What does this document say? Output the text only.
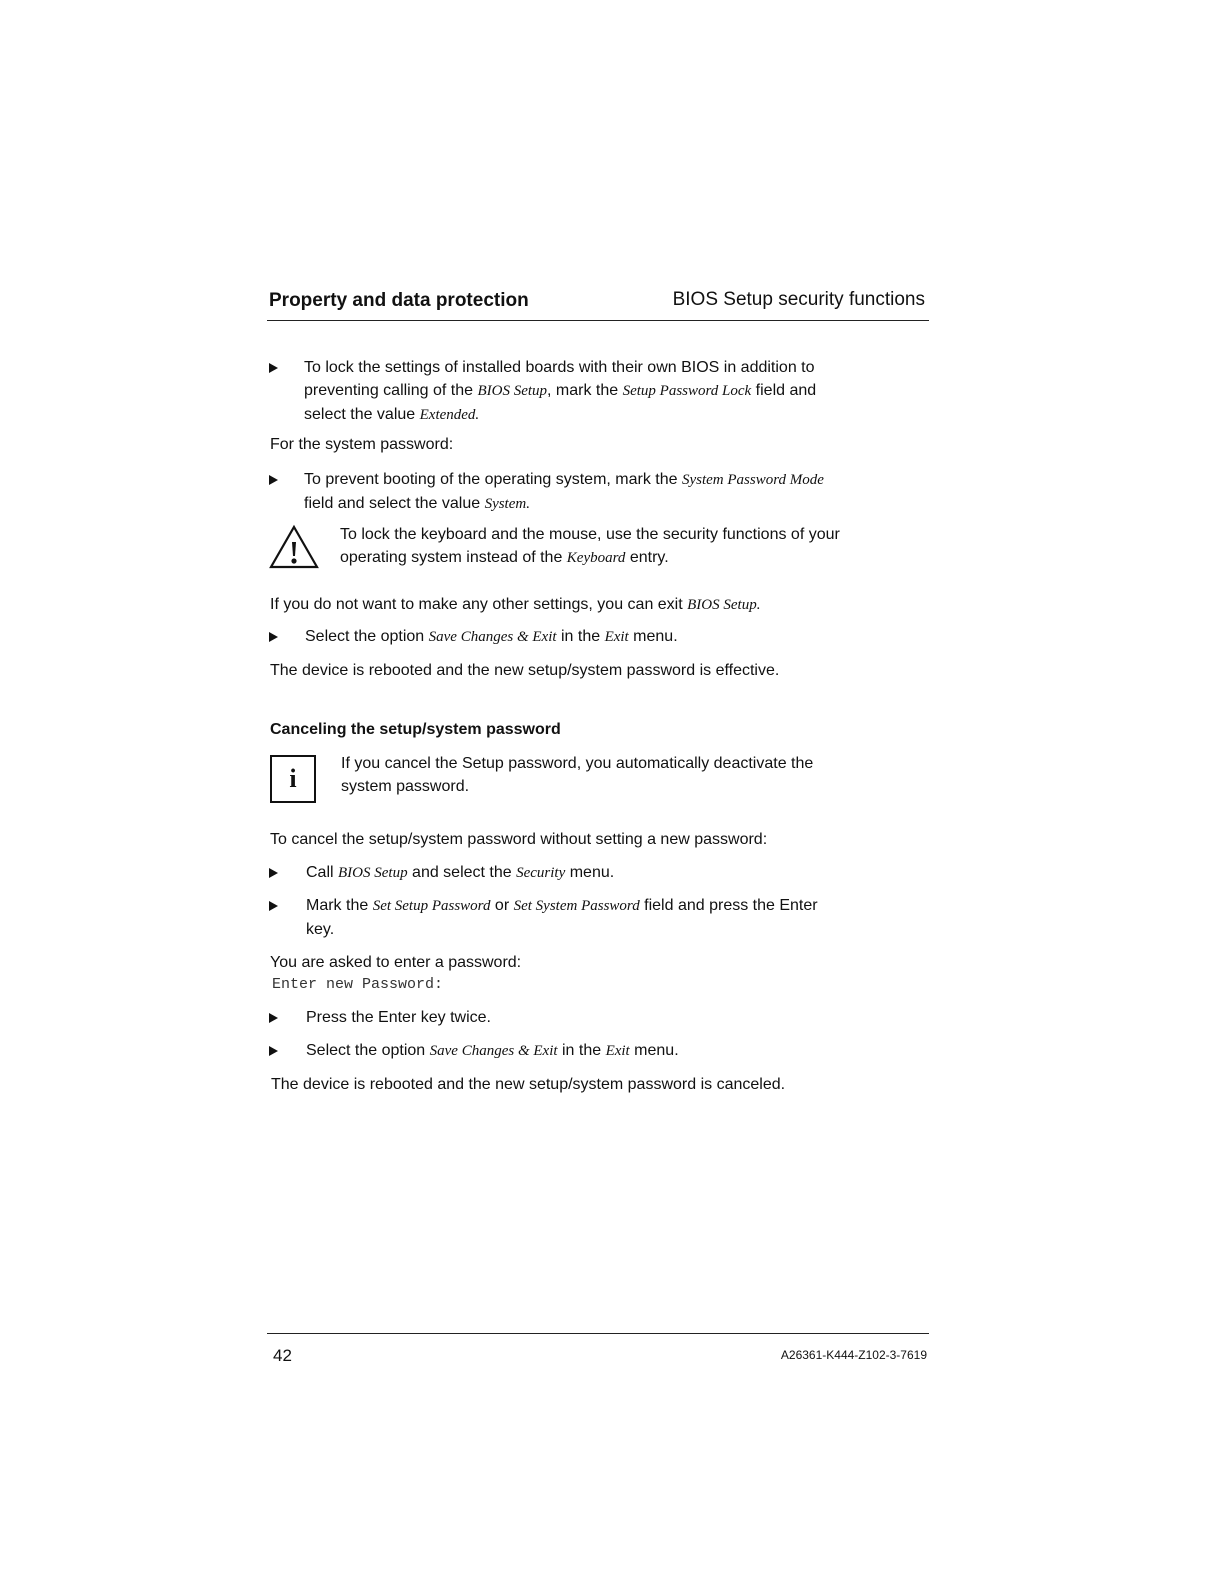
Property and data protection	BIOS Setup security functions
To lock the settings of installed boards with their own BIOS in addition to
preventing calling of the BIOS Setup, mark the Setup Password Lock field and
select the value Extended.
For the system password:
To prevent booting of the operating system, mark the System Password Mode
field and select the value System.
To lock the keyboard and the mouse, use the security functions of your
operating system instead of the Keyboard entry.
If you do not want to make any other settings, you can exit BIOS Setup.
Select the option Save Changes & Exit in the Exit menu.
The device is rebooted and the new setup/system password is effective.
Canceling the setup/system password
i
If you cancel the Setup password, you automatically deactivate the
system password.
To cancel the setup/system password without setting a new password:
Call BIOS Setup and select the Security menu.
Mark the Set Setup Password or Set System Password field and press the Enter
key.
You are asked to enter a password:
Enter new Password:
Press the Enter key twice.
Select the option Save Changes & Exit in the Exit menu.
The device is rebooted and the new setup/system password is canceled.
42	A26361-K444-Z102-3-7619
